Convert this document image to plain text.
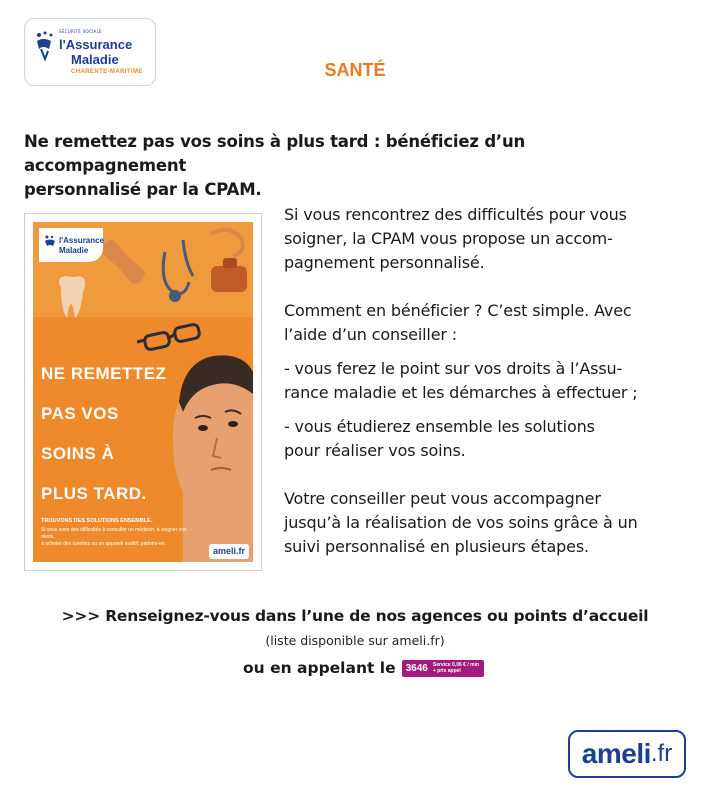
SÉCURITÉ SOCIALE
l'Assurance
Maladie
CHARENTE-MARITIME	SANTÉ
Ne remettez pas vos soins à plus tard : bénéficiez d’un accompagnement
personnalisé par la CPAM.
l'Assurance
Maladie
NE REMETTEZ
PAS VOS
SOINS À
PLUS TARD.
TROUVONS DES SOLUTIONS ENSEMBLE.
Si vous avez des difficultés à consulter un médecin, à soigner vos dents,
à acheter des lunettes ou un appareil auditif, parlons-en.
ameli.fr
Si vous rencontrez des difficultés pour vous
soigner, la CPAM vous propose un accom-
pagnement personnalisé.
Comment en bénéficier ? C’est simple. Avec
l’aide d’un conseiller :
- vous ferez le point sur vos droits à l’Assu-
rance maladie et les démarches à effectuer ;
- vous étudierez ensemble les solutions
pour réaliser vos soins.
Votre conseiller peut vous accompagner
jusqu’à la réalisation de vos soins grâce à un
suivi personnalisé en plusieurs étapes.
>>> Renseignez-vous dans l’une de nos agences ou points d’accueil
(liste disponible sur ameli.fr)
ou en appelant le 3646 Service 0,06 € / min
+ prix appel
ameli .fr
